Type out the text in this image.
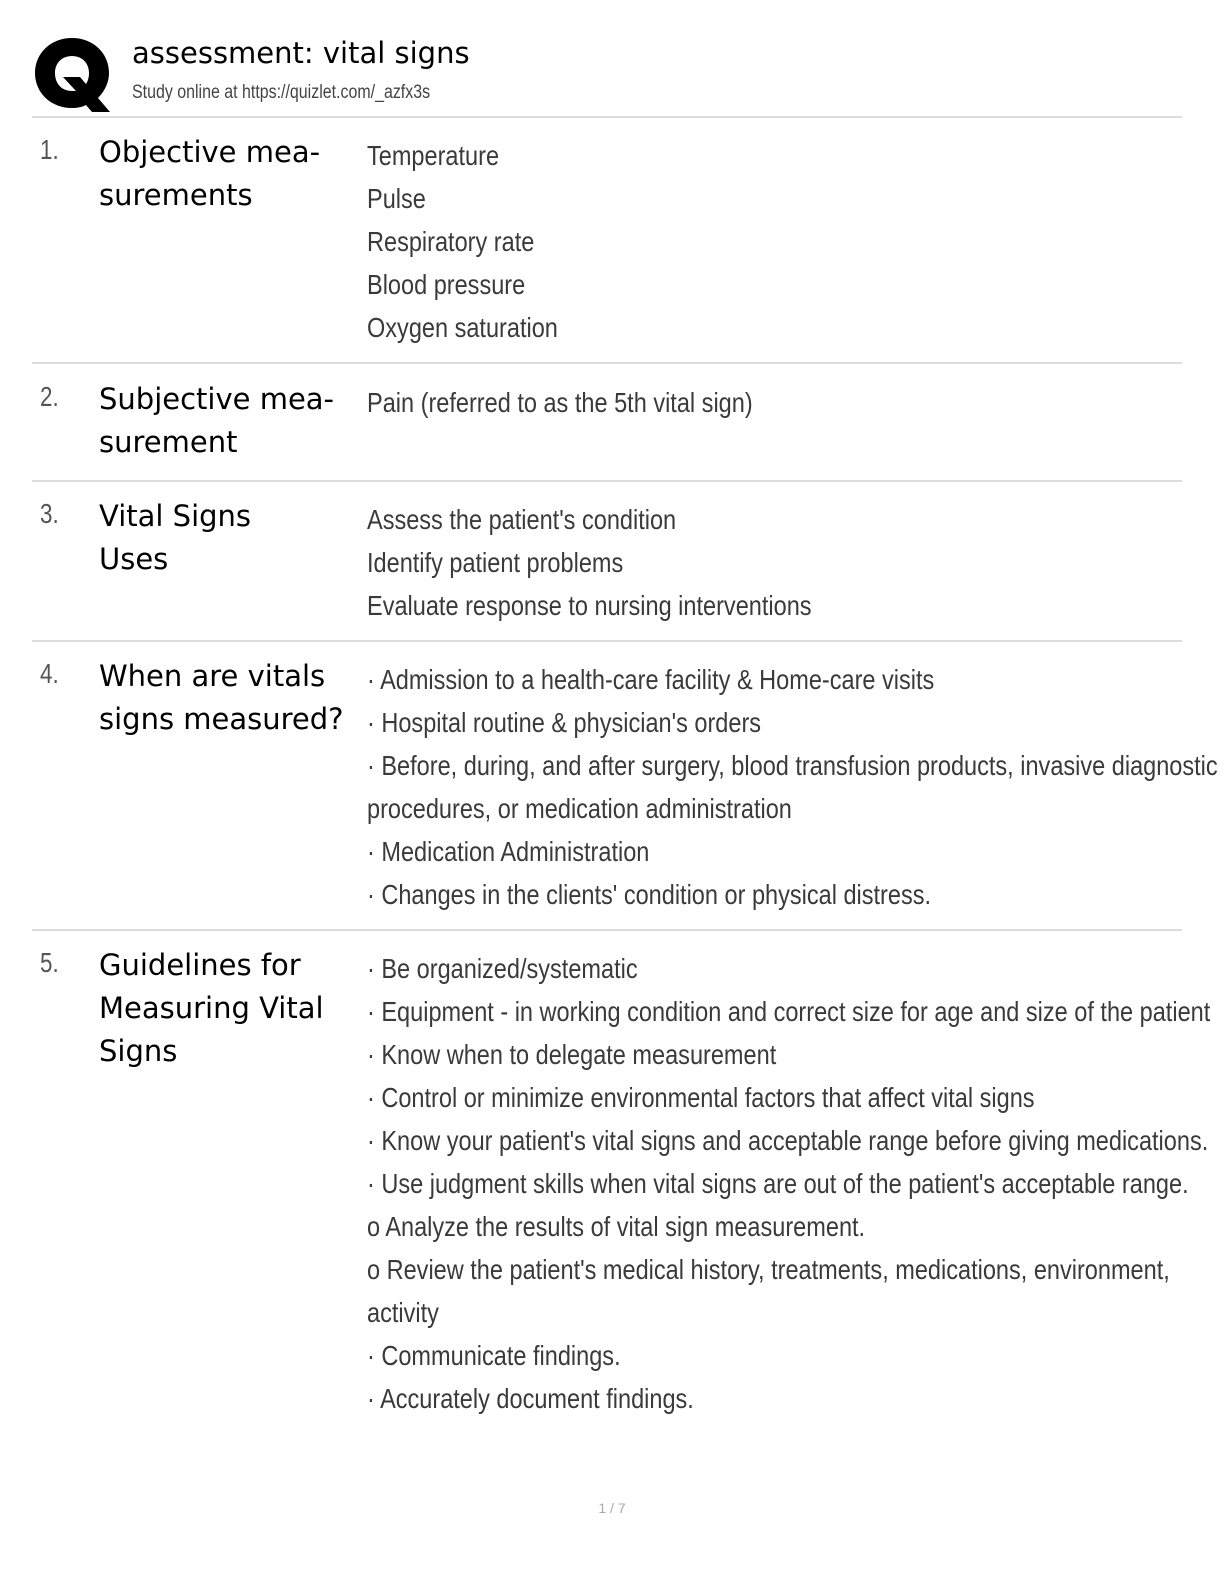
assessment: vital signs
Study online at https://quizlet.com/_azfx3s
1. Objective mea-
surements
Temperature
Pulse
Respiratory rate
Blood pressure
Oxygen saturation
2. Subjective mea-
surement
Pain (referred to as the 5th vital sign)
3. Vital Signs
Uses
Assess the patient's condition
Identify patient problems
Evaluate response to nursing interventions
4. When are vitals
signs measured?
· Admission to a health-care facility & Home-care visits
· Hospital routine & physician's orders
· Before, during, and after surgery, blood transfusion products, invasive diagnostic
procedures, or medication administration
· Medication Administration
· Changes in the clients' condition or physical distress.
5. Guidelines for
Measuring Vital
Signs
· Be organized/systematic
· Equipment - in working condition and correct size for age and size of the patient
· Know when to delegate measurement
· Control or minimize environmental factors that affect vital signs
· Know your patient's vital signs and acceptable range before giving medications.
· Use judgment skills when vital signs are out of the patient's acceptable range.
o Analyze the results of vital sign measurement.
o Review the patient's medical history, treatments, medications, environment,
activity
· Communicate findings.
· Accurately document findings.
1 / 7
